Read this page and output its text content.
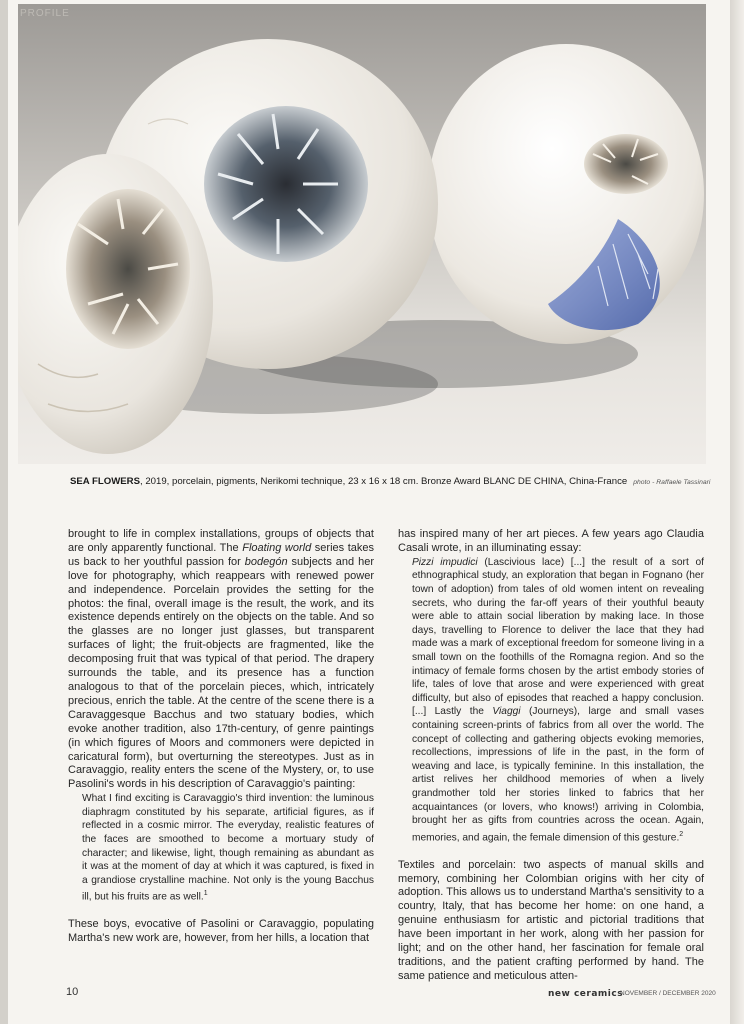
PROFILE
SEA FLOWERS, 2019, porcelain, pigments, Nerikomi technique, 23 x 16 x 18 cm. Bronze Award BLANC DE CHINA, China-France photo - Raffaele Tassinari

brought to life in complex installations, groups of objects that are only apparently functional. The Floating world series takes us back to her youthful passion for bodegón subjects and her love for photography, which reappears with renewed power and independence. Porcelain provides the setting for the photos: the final, overall image is the result, the work, and its existence depends entirely on the objects on the table. And so the glasses are no longer just glasses, but transparent surfaces of light; the fruit-objects are fragmented, like the decomposing fruit that was typical of that period. The drapery surrounds the table, and its presence has a function analogous to that of the porcelain pieces, which, intricately precious, enrich the table. At the centre of the scene there is a Caravaggesque Bacchus and two statuary bodies, which evoke another tradition, also 17th-century, of genre paintings (in which figures of Moors and commoners were depicted in caricatural form), but overturning the stereotypes. Just as in Caravaggio, reality enters the scene of the Mystery, or, to use Pasolini's words in his description of Caravaggio's painting:

What I find exciting is Caravaggio's third invention: the luminous diaphragm constituted by his separate, artificial figures, as if reflected in a cosmic mirror. The everyday, realistic features of the faces are smoothed to become a mortuary study of character; and likewise, light, though remaining as abundant as it was at the moment of day at which it was captured, is fixed in a grandiose crystalline machine. Not only is the young Bacchus ill, but his fruits are as well.$^1$

These boys, evocative of Pasolini or Caravaggio, populating Martha's new work are, however, from her hills, a location that

has inspired many of her art pieces. A few years ago Claudia Casali wrote, in an illuminating essay:

Pizzi impudici (Lascivious lace) [...] the result of a sort of ethnographical study, an exploration that began in Fognano (her town of adoption) from tales of old women intent on revealing secrets, who during the far-off years of their youthful beauty were able to attain social liberation by making lace. In those days, travelling to Florence to deliver the lace that they had made was a mark of exceptional freedom for someone living in a small town on the foothills of the Romagna region. And so the intimacy of female forms chosen by the artist embody stories of life, tales of love that arose and were experienced with great difficulty, but also of episodes that reached a happy conclusion. [...] Lastly the Viaggi (Journeys), large and small vases containing screen-prints of fabrics from all over the world. The concept of collecting and gathering objects evoking memories, recollections, impressions of life in the past, in the form of weaving and lace, is typically feminine. In this installation, the artist relives her childhood memories of when a lively grandmother told her stories linked to fabrics that her acquaintances (or lovers, who knows!) arriving in Colombia, brought her as gifts from countries across the ocean. Again, memories, and again, the female dimension of this gesture.$^2$

Textiles and porcelain: two aspects of manual skills and memory, combining her Colombian origins with her city of adoption. This allows us to understand Martha's sensitivity to a country, Italy, that has become her home: on one hand, a genuine enthusiasm for artistic and pictorial traditions that have been important in her work, along with her passion for light; and on the other hand, her fascination for female oral traditions, and the patient crafting performed by hand. The same patience and meticulous atten-

10	new ceramics
NOVEMBER / DECEMBER 2020
